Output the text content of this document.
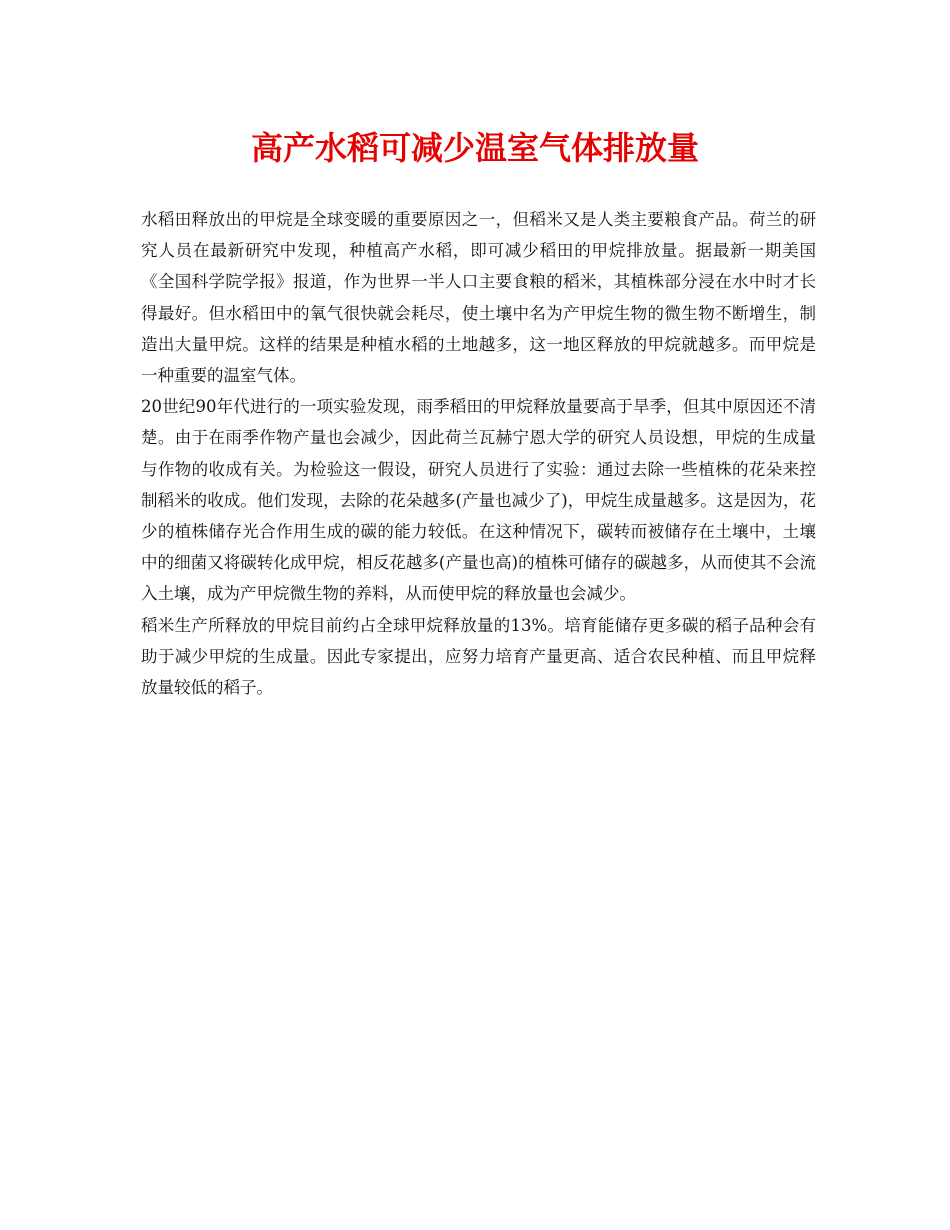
高产水稻可减少温室气体排放量

水稻田释放出的甲烷是全球变暖的重要原因之一，但稻米又是人类主要粮食产品。荷兰的研究人员在最新研究中发现，种植高产水稻，即可减少稻田的甲烷排放量。据最新一期美国《全国科学院学报》报道，作为世界一半人口主要食粮的稻米，其植株部分浸在水中时才长得最好。但水稻田中的氧气很快就会耗尽，使土壤中名为产甲烷生物的微生物不断增生，制造出大量甲烷。这样的结果是种植水稻的土地越多，这一地区释放的甲烷就越多。而甲烷是一种重要的温室气体。

20世纪90年代进行的一项实验发现，雨季稻田的甲烷释放量要高于旱季，但其中原因还不清楚。由于在雨季作物产量也会减少，因此荷兰瓦赫宁恩大学的研究人员设想，甲烷的生成量与作物的收成有关。为检验这一假设，研究人员进行了实验：通过去除一些植株的花朵来控制稻米的收成。他们发现，去除的花朵越多(产量也减少了)，甲烷生成量越多。这是因为，花少的植株储存光合作用生成的碳的能力较低。在这种情况下，碳转而被储存在土壤中，土壤中的细菌又将碳转化成甲烷，相反花越多(产量也高)的植株可储存的碳越多，从而使其不会流入土壤，成为产甲烷微生物的养料，从而使甲烷的释放量也会减少。

稻米生产所释放的甲烷目前约占全球甲烷释放量的13%。培育能储存更多碳的稻子品种会有助于减少甲烷的生成量。因此专家提出，应努力培育产量更高、适合农民种植、而且甲烷释放量较低的稻子。
